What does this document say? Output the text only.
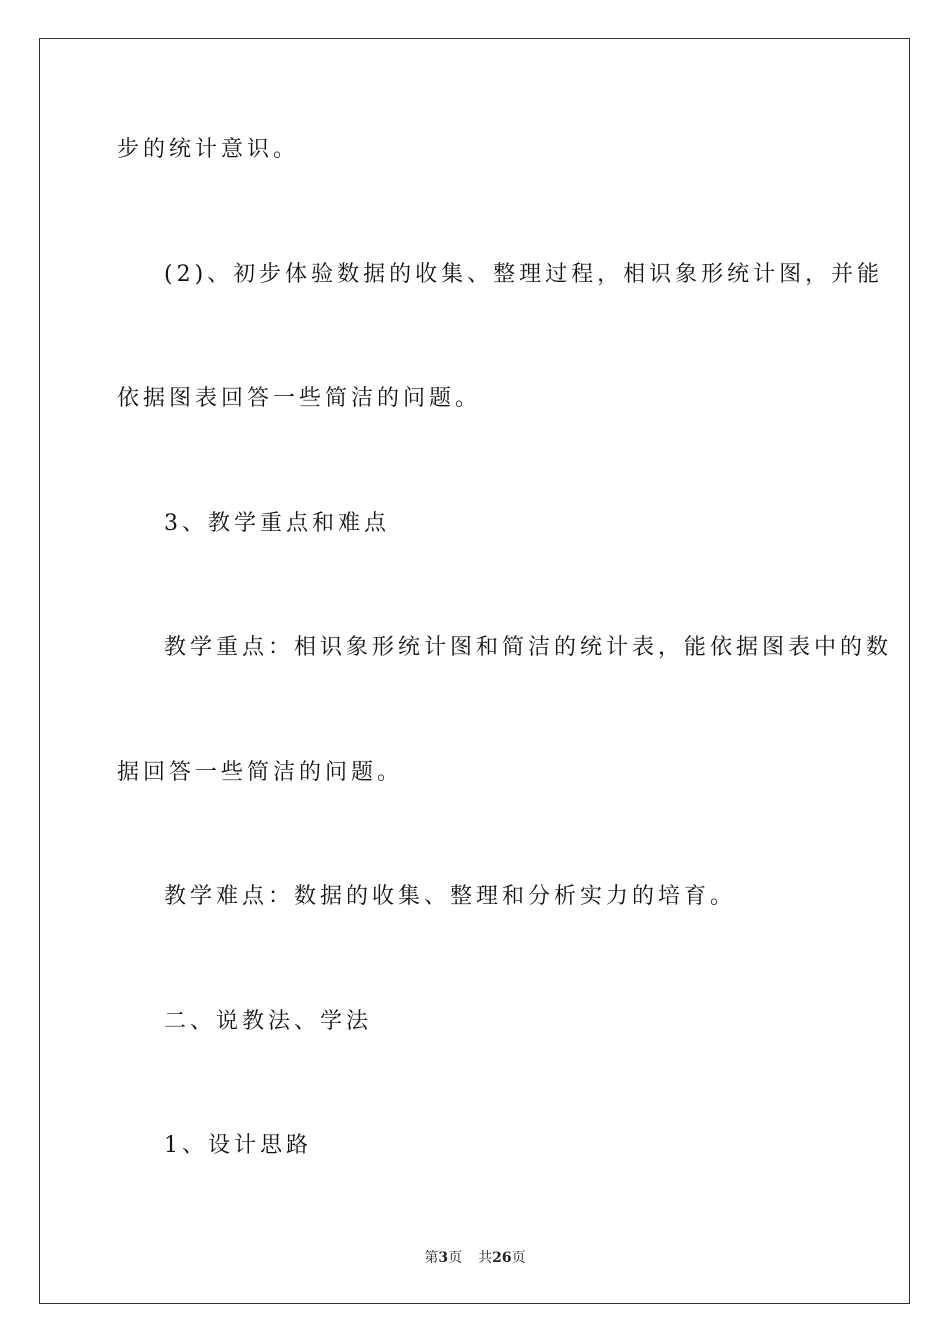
步的统计意识。
(2)、初步体验数据的收集、整理过程，相识象形统计图，并能
依据图表回答一些简洁的问题。
3、教学重点和难点
教学重点：相识象形统计图和简洁的统计表，能依据图表中的数
据回答一些简洁的问题。
教学难点：数据的收集、整理和分析实力的培育。
二、说教法、学法
1、设计思路
第3页 共26页
